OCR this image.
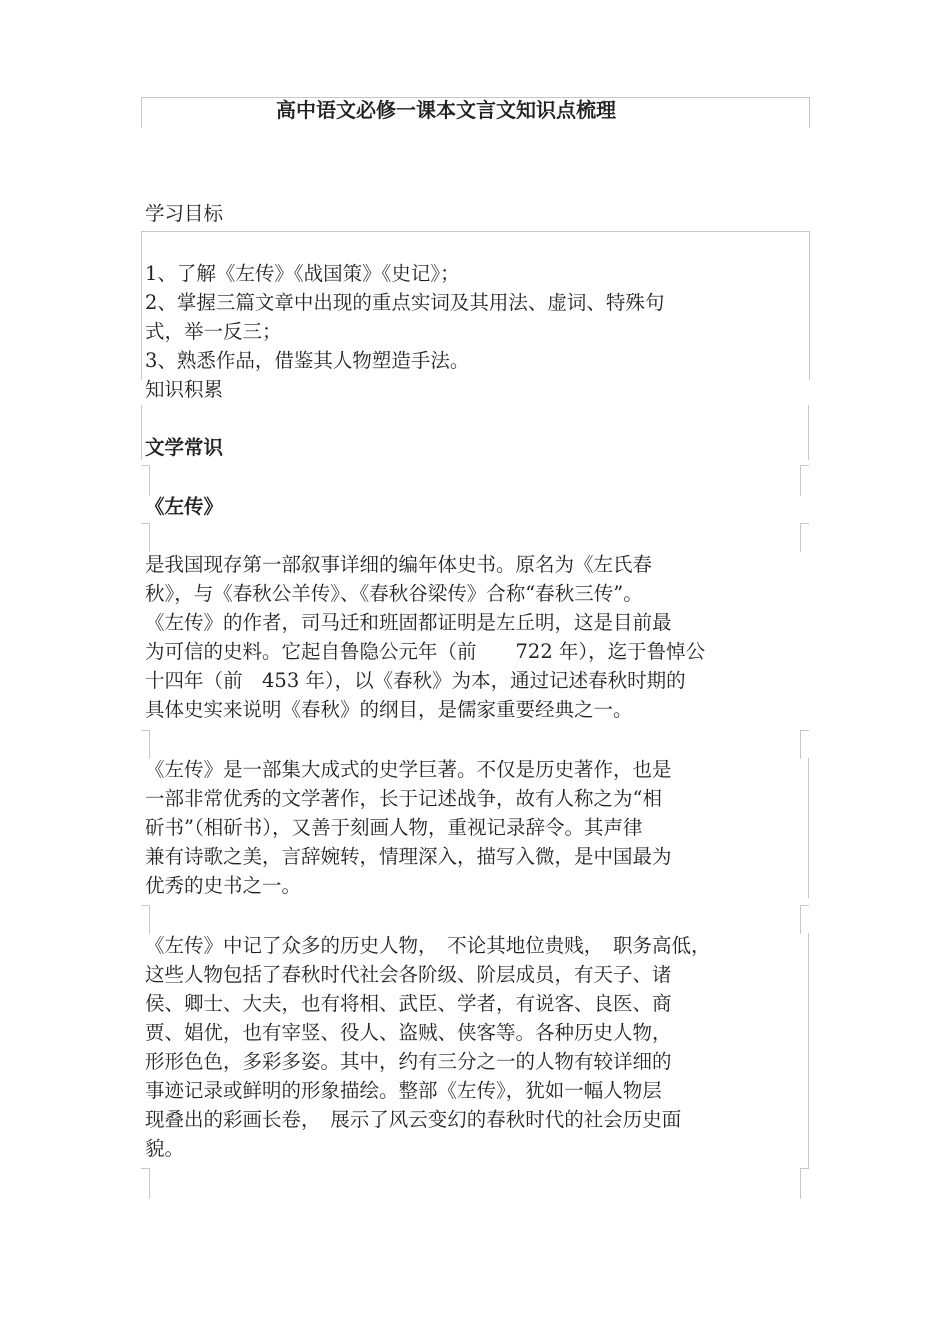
高中语文必修一课本文言文知识点梳理
学习目标
1、了解《左传》《战国策》《史记》；
2、掌握三篇文章中出现的重点实词及其用法、虚词、特殊句
式，举一反三；
3、熟悉作品，借鉴其人物塑造手法。
知识积累
文学常识
《左传》
是我国现存第一部叙事详细的编年体史书。原名为《左氏春
秋》，与《春秋公羊传》、《春秋谷梁传》合称“春秋三传”。
《左传》的作者，司马迁和班固都证明是左丘明，这是目前最
为可信的史料。它起自鲁隐公元年（前　　722 年），迄于鲁悼公
十四年（前　453 年），以《春秋》为本，通过记述春秋时期的
具体史实来说明《春秋》的纲目，是儒家重要经典之一。
《左传》是一部集大成式的史学巨著。不仅是历史著作，也是
一部非常优秀的文学著作，长于记述战争，故有人称之为“相
斫书”（相斫书），又善于刻画人物，重视记录辞令。其声律
兼有诗歌之美，言辞婉转，情理深入，描写入微，是中国最为
优秀的史书之一。
《左传》中记了众多的历史人物，　不论其地位贵贱，　职务高低，
这些人物包括了春秋时代社会各阶级、阶层成员，有天子、诸
侯、卿士、大夫，也有将相、武臣、学者，有说客、良医、商
贾、娼优，也有宰竖、役人、盗贼、侠客等。各种历史人物，
形形色色，多彩多姿。其中，约有三分之一的人物有较详细的
事迹记录或鲜明的形象描绘。整部《左传》，犹如一幅人物层
现叠出的彩画长卷，　展示了风云变幻的春秋时代的社会历史面
貌。
